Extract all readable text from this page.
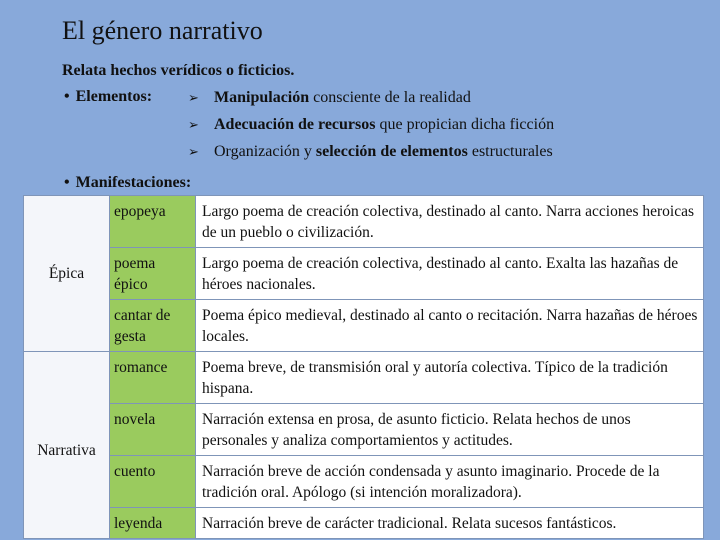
El género narrativo
Relata hechos verídicos o ficticios.
• Elementos:	➢ Manipulación consciente de la realidad
➢ Adecuación de recursos que propician dicha ficción
➢ Organización y selección de elementos estructurales
• Manifestaciones:
Épica	epopeya	Largo poema de creación colectiva, destinado al canto. Narra acciones heroicas de un pueblo o civilización.
	poema épico	Largo poema de creación colectiva, destinado al canto. Exalta las hazañas de héroes nacionales.
	cantar de gesta	Poema épico medieval, destinado al canto o recitación. Narra hazañas de héroes locales.

Narrativa	romance	Poema breve, de transmisión oral y autoría colectiva. Típico de la tradición hispana.
	novela	Narración extensa en prosa, de asunto ficticio. Relata hechos de unos personales y analiza comportamientos y actitudes.
	cuento	Narración breve de acción condensada y asunto imaginario. Procede de la tradición oral. Apólogo (si intención moralizadora).
	leyenda	Narración breve de carácter tradicional. Relata sucesos fantásticos.
